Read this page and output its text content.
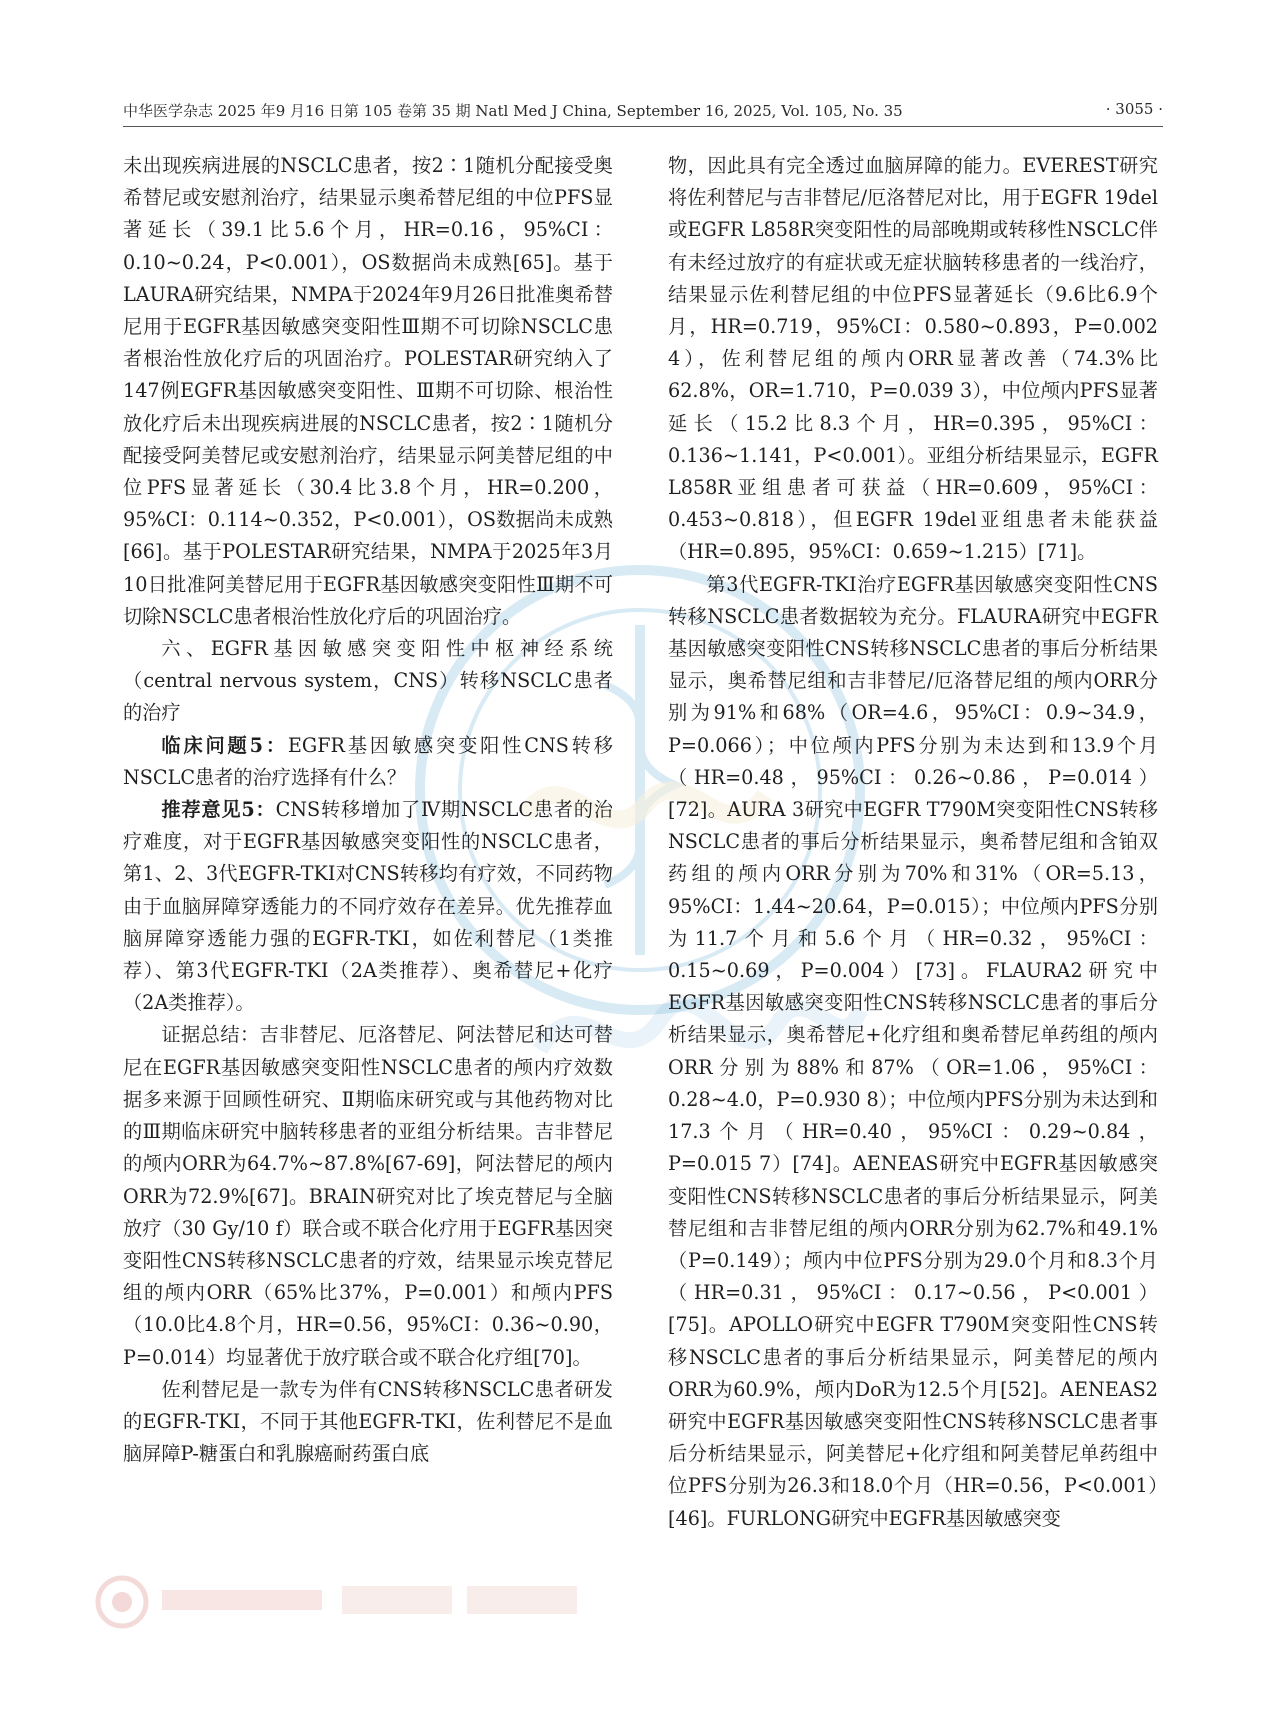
中华医学杂志 2025 年9 月16 日第 105 卷第 35 期 Natl Med J China, September 16, 2025, Vol. 105, No. 35	· 3055 ·

未出现疾病进展的NSCLC患者，按2∶1随机分配接受奥希替尼或安慰剂治疗，结果显示奥希替尼组的中位PFS显著延长（39.1比5.6个月，HR=0.16，95%CI：0.10~0.24，P<0.001），OS数据尚未成熟[65]。基于LAURA研究结果，NMPA于2024年9月26日批准奥希替尼用于EGFR基因敏感突变阳性Ⅲ期不可切除NSCLC患者根治性放化疗后的巩固治疗。POLESTAR研究纳入了147例EGFR基因敏感突变阳性、Ⅲ期不可切除、根治性放化疗后未出现疾病进展的NSCLC患者，按2∶1随机分配接受阿美替尼或安慰剂治疗，结果显示阿美替尼组的中位PFS显著延长（30.4比3.8个月，HR=0.200，95%CI：0.114~0.352，P<0.001），OS数据尚未成熟[66]。基于POLESTAR研究结果，NMPA于2025年3月10日批准阿美替尼用于EGFR基因敏感突变阳性Ⅲ期不可切除NSCLC患者根治性放化疗后的巩固治疗。

六、EGFR基因敏感突变阳性中枢神经系统（central nervous system，CNS）转移NSCLC患者的治疗

临床问题5：EGFR基因敏感突变阳性CNS转移NSCLC患者的治疗选择有什么？

推荐意见5：CNS转移增加了Ⅳ期NSCLC患者的治疗难度，对于EGFR基因敏感突变阳性的NSCLC患者，第1、2、3代EGFR-TKI对CNS转移均有疗效，不同药物由于血脑屏障穿透能力的不同疗效存在差异。优先推荐血脑屏障穿透能力强的EGFR-TKI，如佐利替尼（1类推荐）、第3代EGFR-TKI（2A类推荐）、奥希替尼+化疗（2A类推荐）。

证据总结：吉非替尼、厄洛替尼、阿法替尼和达可替尼在EGFR基因敏感突变阳性NSCLC患者的颅内疗效数据多来源于回顾性研究、Ⅱ期临床研究或与其他药物对比的Ⅲ期临床研究中脑转移患者的亚组分析结果。吉非替尼的颅内ORR为64.7%~87.8%[67-69]，阿法替尼的颅内ORR为72.9%[67]。BRAIN研究对比了埃克替尼与全脑放疗（30 Gy/10 f）联合或不联合化疗用于EGFR基因突变阳性CNS转移NSCLC患者的疗效，结果显示埃克替尼组的颅内ORR（65%比37%，P=0.001）和颅内PFS（10.0比4.8个月，HR=0.56，95%CI：0.36~0.90，P=0.014）均显著优于放疗联合或不联合化疗组[70]。

佐利替尼是一款专为伴有CNS转移NSCLC患者研发的EGFR-TKI，不同于其他EGFR-TKI，佐利替尼不是血脑屏障P-糖蛋白和乳腺癌耐药蛋白底

物，因此具有完全透过血脑屏障的能力。EVEREST研究将佐利替尼与吉非替尼/厄洛替尼对比，用于EGFR 19del或EGFR L858R突变阳性的局部晚期或转移性NSCLC伴有未经过放疗的有症状或无症状脑转移患者的一线治疗，结果显示佐利替尼组的中位PFS显著延长（9.6比6.9个月，HR=0.719，95%CI：0.580~0.893，P=0.002 4），佐利替尼组的颅内ORR显著改善（74.3%比62.8%，OR=1.710，P=0.039 3），中位颅内PFS显著延长（15.2比8.3个月，HR=0.395，95%CI：0.136~1.141，P<0.001）。亚组分析结果显示，EGFR L858R亚组患者可获益（HR=0.609，95%CI：0.453~0.818），但EGFR 19del亚组患者未能获益（HR=0.895，95%CI：0.659~1.215）[71]。

第3代EGFR-TKI治疗EGFR基因敏感突变阳性CNS转移NSCLC患者数据较为充分。FLAURA研究中EGFR基因敏感突变阳性CNS转移NSCLC患者的事后分析结果显示，奥希替尼组和吉非替尼/厄洛替尼组的颅内ORR分别为91%和68%（OR=4.6，95%CI：0.9~34.9，P=0.066）；中位颅内PFS分别为未达到和13.9个月（HR=0.48，95%CI：0.26~0.86，P=0.014）[72]。AURA 3研究中EGFR T790M突变阳性CNS转移NSCLC患者的事后分析结果显示，奥希替尼组和含铂双药组的颅内ORR分别为70%和31%（OR=5.13，95%CI：1.44~20.64，P=0.015）；中位颅内PFS分别为11.7个月和5.6个月（HR=0.32，95%CI：0.15~0.69，P=0.004）[73]。FLAURA2研究中EGFR基因敏感突变阳性CNS转移NSCLC患者的事后分析结果显示，奥希替尼+化疗组和奥希替尼单药组的颅内ORR分别为88%和87%（OR=1.06，95%CI：0.28~4.0，P=0.930 8）；中位颅内PFS分别为未达到和17.3个月（HR=0.40，95%CI：0.29~0.84，P=0.015 7）[74]。AENEAS研究中EGFR基因敏感突变阳性CNS转移NSCLC患者的事后分析结果显示，阿美替尼组和吉非替尼组的颅内ORR分别为62.7%和49.1%（P=0.149）；颅内中位PFS分别为29.0个月和8.3个月（HR=0.31，95%CI：0.17~0.56，P<0.001）[75]。APOLLO研究中EGFR T790M突变阳性CNS转移NSCLC患者的事后分析结果显示，阿美替尼的颅内ORR为60.9%，颅内DoR为12.5个月[52]。AENEAS2研究中EGFR基因敏感突变阳性CNS转移NSCLC患者事后分析结果显示，阿美替尼+化疗组和阿美替尼单药组中位PFS分别为26.3和18.0个月（HR=0.56，P<0.001）[46]。FURLONG研究中EGFR基因敏感突变
